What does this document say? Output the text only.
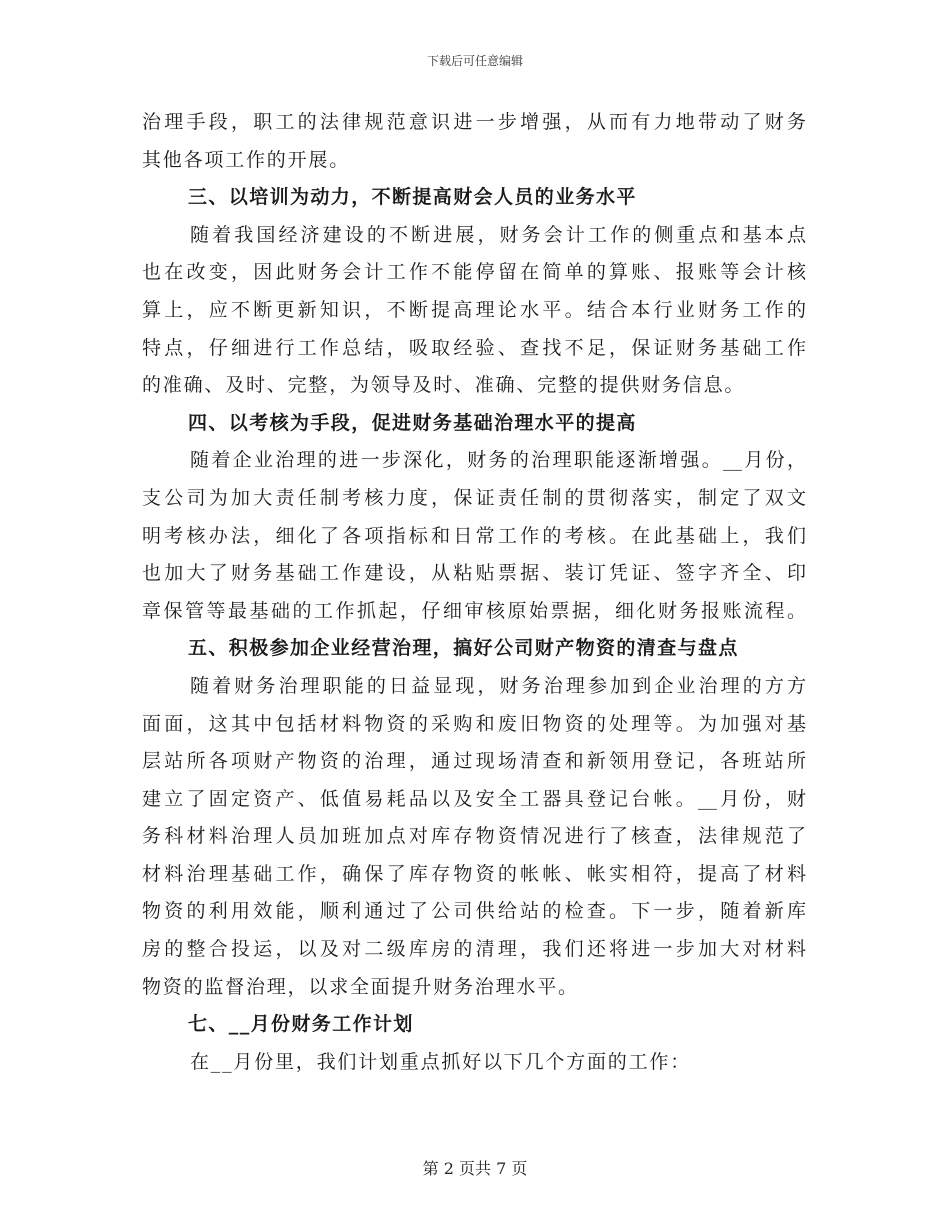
下载后可任意编辑
治理手段，职工的法律规范意识进一步增强，从而有力地带动了财务
其他各项工作的开展。
三、以培训为动力，不断提高财会人员的业务水平
随着我国经济建设的不断进展，财务会计工作的侧重点和基本点
也在改变，因此财务会计工作不能停留在简单的算账、报账等会计核
算上，应不断更新知识，不断提高理论水平。结合本行业财务工作的
特点，仔细进行工作总结，吸取经验、查找不足，保证财务基础工作
的准确、及时、完整，为领导及时、准确、完整的提供财务信息。
四、以考核为手段，促进财务基础治理水平的提高
随着企业治理的进一步深化，财务的治理职能逐渐增强。__月份，
支公司为加大责任制考核力度，保证责任制的贯彻落实，制定了双文
明考核办法，细化了各项指标和日常工作的考核。在此基础上，我们
也加大了财务基础工作建设，从粘贴票据、装订凭证、签字齐全、印
章保管等最基础的工作抓起，仔细审核原始票据，细化财务报账流程。
五、积极参加企业经营治理，搞好公司财产物资的清查与盘点
随着财务治理职能的日益显现，财务治理参加到企业治理的方方
面面，这其中包括材料物资的采购和废旧物资的处理等。为加强对基
层站所各项财产物资的治理，通过现场清查和新领用登记，各班站所
建立了固定资产、低值易耗品以及安全工器具登记台帐。__月份，财
务科材料治理人员加班加点对库存物资情况进行了核查，法律规范了
材料治理基础工作，确保了库存物资的帐帐、帐实相符，提高了材料
物资的利用效能，顺利通过了公司供给站的检查。下一步，随着新库
房的整合投运，以及对二级库房的清理，我们还将进一步加大对材料
物资的监督治理，以求全面提升财务治理水平。
七、__月份财务工作计划
在__月份里，我们计划重点抓好以下几个方面的工作：
第 2 页共 7 页
